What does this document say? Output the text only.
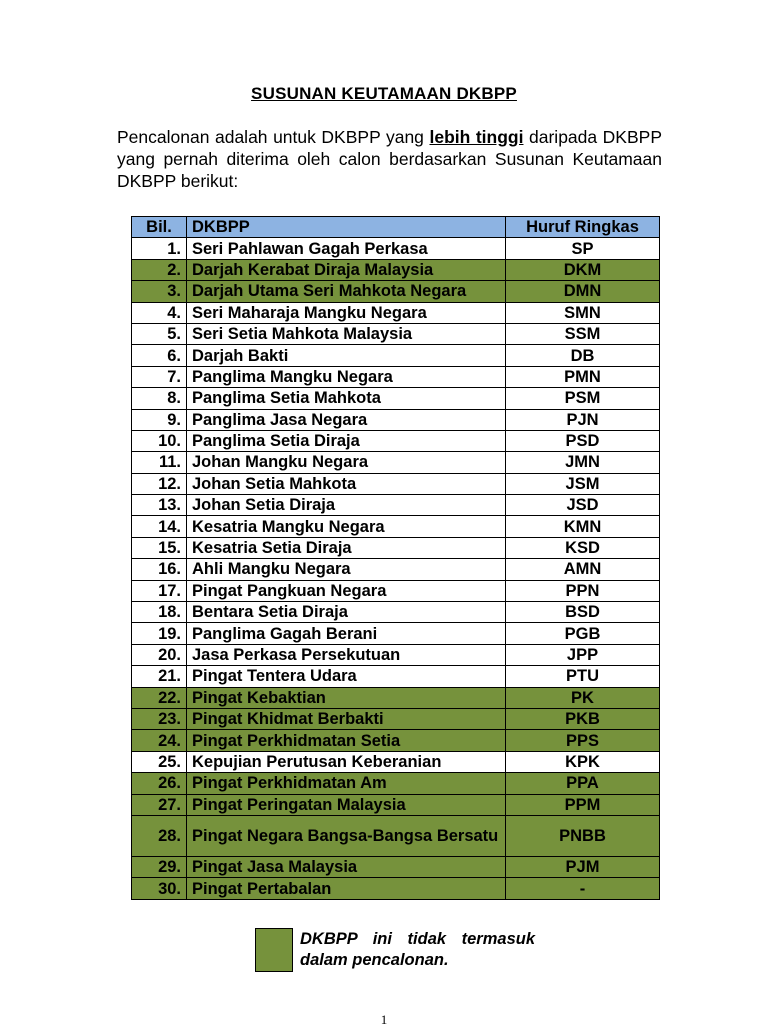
SUSUNAN KEUTAMAAN DKBPP

Pencalonan adalah untuk DKBPP yang lebih tinggi daripada DKBPP yang pernah diterima oleh calon berdasarkan Susunan Keutamaan DKBPP berikut:

Bil.	DKBPP	Huruf Ringkas
1.	Seri Pahlawan Gagah Perkasa	SP
2.	Darjah Kerabat Diraja Malaysia	DKM
3.	Darjah Utama Seri Mahkota Negara	DMN
4.	Seri Maharaja Mangku Negara	SMN
5.	Seri Setia Mahkota Malaysia	SSM
6.	Darjah Bakti	DB
7.	Panglima Mangku Negara	PMN
8.	Panglima Setia Mahkota	PSM
9.	Panglima Jasa Negara	PJN
10.	Panglima Setia Diraja	PSD
11.	Johan Mangku Negara	JMN
12.	Johan Setia Mahkota	JSM
13.	Johan Setia Diraja	JSD
14.	Kesatria Mangku Negara	KMN
15.	Kesatria Setia Diraja	KSD
16.	Ahli Mangku Negara	AMN
17.	Pingat Pangkuan Negara	PPN
18.	Bentara Setia Diraja	BSD
19.	Panglima Gagah Berani	PGB
20.	Jasa Perkasa Persekutuan	JPP
21.	Pingat Tentera Udara	PTU
22.	Pingat Kebaktian	PK
23.	Pingat Khidmat Berbakti	PKB
24.	Pingat Perkhidmatan Setia	PPS
25.	Kepujian Perutusan Keberanian	KPK
26.	Pingat Perkhidmatan Am	PPA
27.	Pingat Peringatan Malaysia	PPM
28.	Pingat Negara Bangsa-Bangsa Bersatu	PNBB
29.	Pingat Jasa Malaysia	PJM
30.	Pingat Pertabalan	-
DKBPP ini tidak termasuk dalam pencalonan.
1
